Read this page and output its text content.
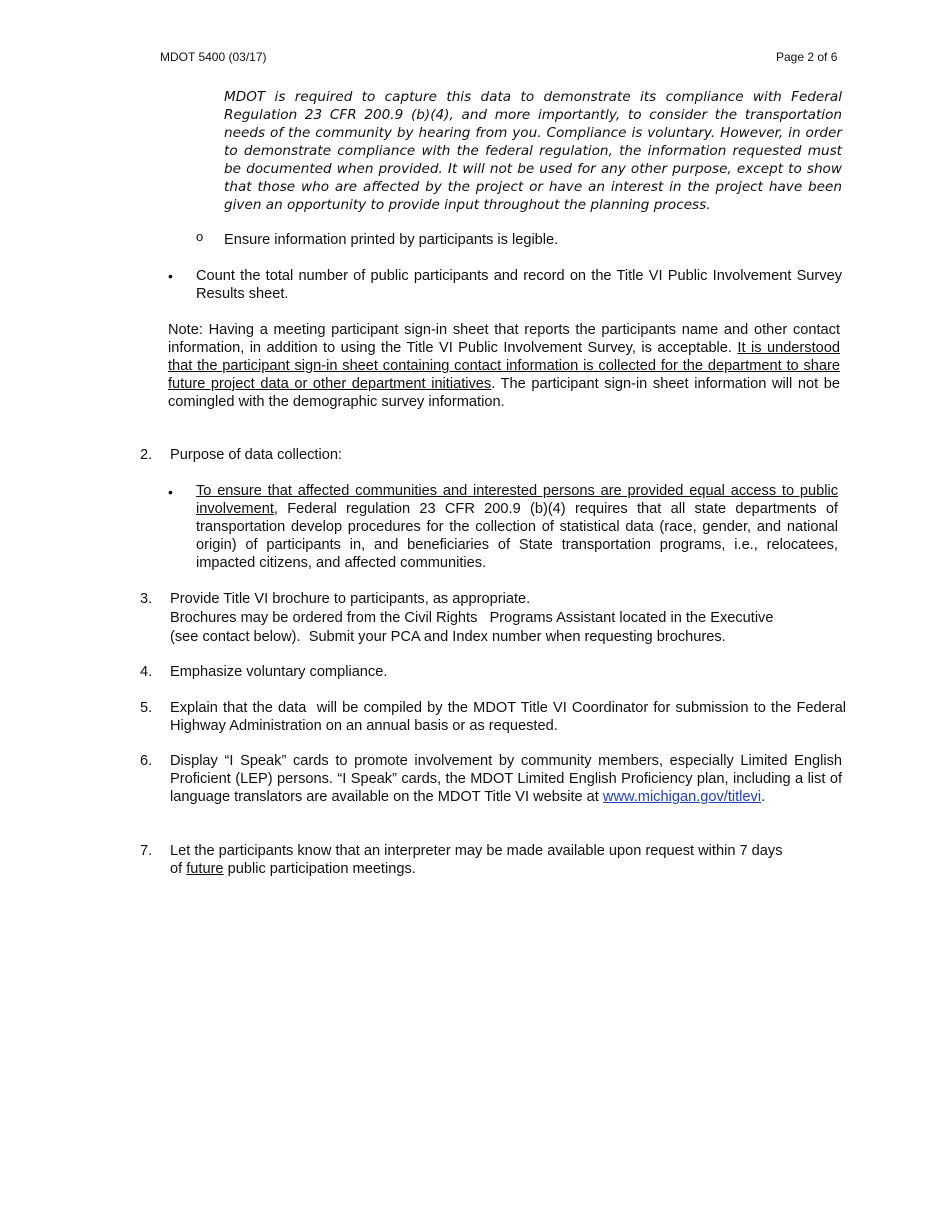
MDOT 5400 (03/17)	Page 2 of 6

MDOT is required to capture this data to demonstrate its compliance with Federal Regulation 23 CFR 200.9 (b)(4), and more importantly, to consider the transportation needs of the community by hearing from you. Compliance is voluntary. However, in order to demonstrate compliance with the federal regulation, the information requested must be documented when provided. It will not be used for any other purpose, except to show that those who are affected by the project or have an interest in the project have been given an opportunity to provide input throughout the planning process.

o Ensure information printed by participants is legible.

• Count the total number of public participants and record on the Title VI Public Involvement Survey Results sheet.

Note: Having a meeting participant sign-in sheet that reports the participants name and other contact information, in addition to using the Title VI Public Involvement Survey, is acceptable. It is understood that the participant sign-in sheet containing contact information is collected for the department to share future project data or other department initiatives. The participant sign-in sheet information will not be comingled with the demographic survey information.

2. Purpose of data collection:

• To ensure that affected communities and interested persons are provided equal access to public involvement, Federal regulation 23 CFR 200.9 (b)(4) requires that all state departments of transportation develop procedures for the collection of statistical data (race, gender, and national origin) of participants in, and beneficiaries of State transportation programs, i.e., relocatees, impacted citizens, and affected communities.

3. Provide Title VI brochure to participants, as appropriate.

Brochures may be ordered from the Civil Rights   Programs Assistant located in the Executive

(see contact below).  Submit your PCA and Index number when requesting brochures.

4. Emphasize voluntary compliance.

5. Explain that the data  will be compiled by the MDOT Title VI Coordinator for submission to the Federal Highway Administration on an annual basis or as requested.

6. Display “I Speak” cards to promote involvement by community members, especially Limited English Proficient (LEP) persons. “I Speak” cards, the MDOT Limited English Proficiency plan, including a list of language translators are available on the MDOT Title VI website at www.michigan.gov/titlevi.

7. Let the participants know that an interpreter may be made available upon request within 7 days

of future public participation meetings.
